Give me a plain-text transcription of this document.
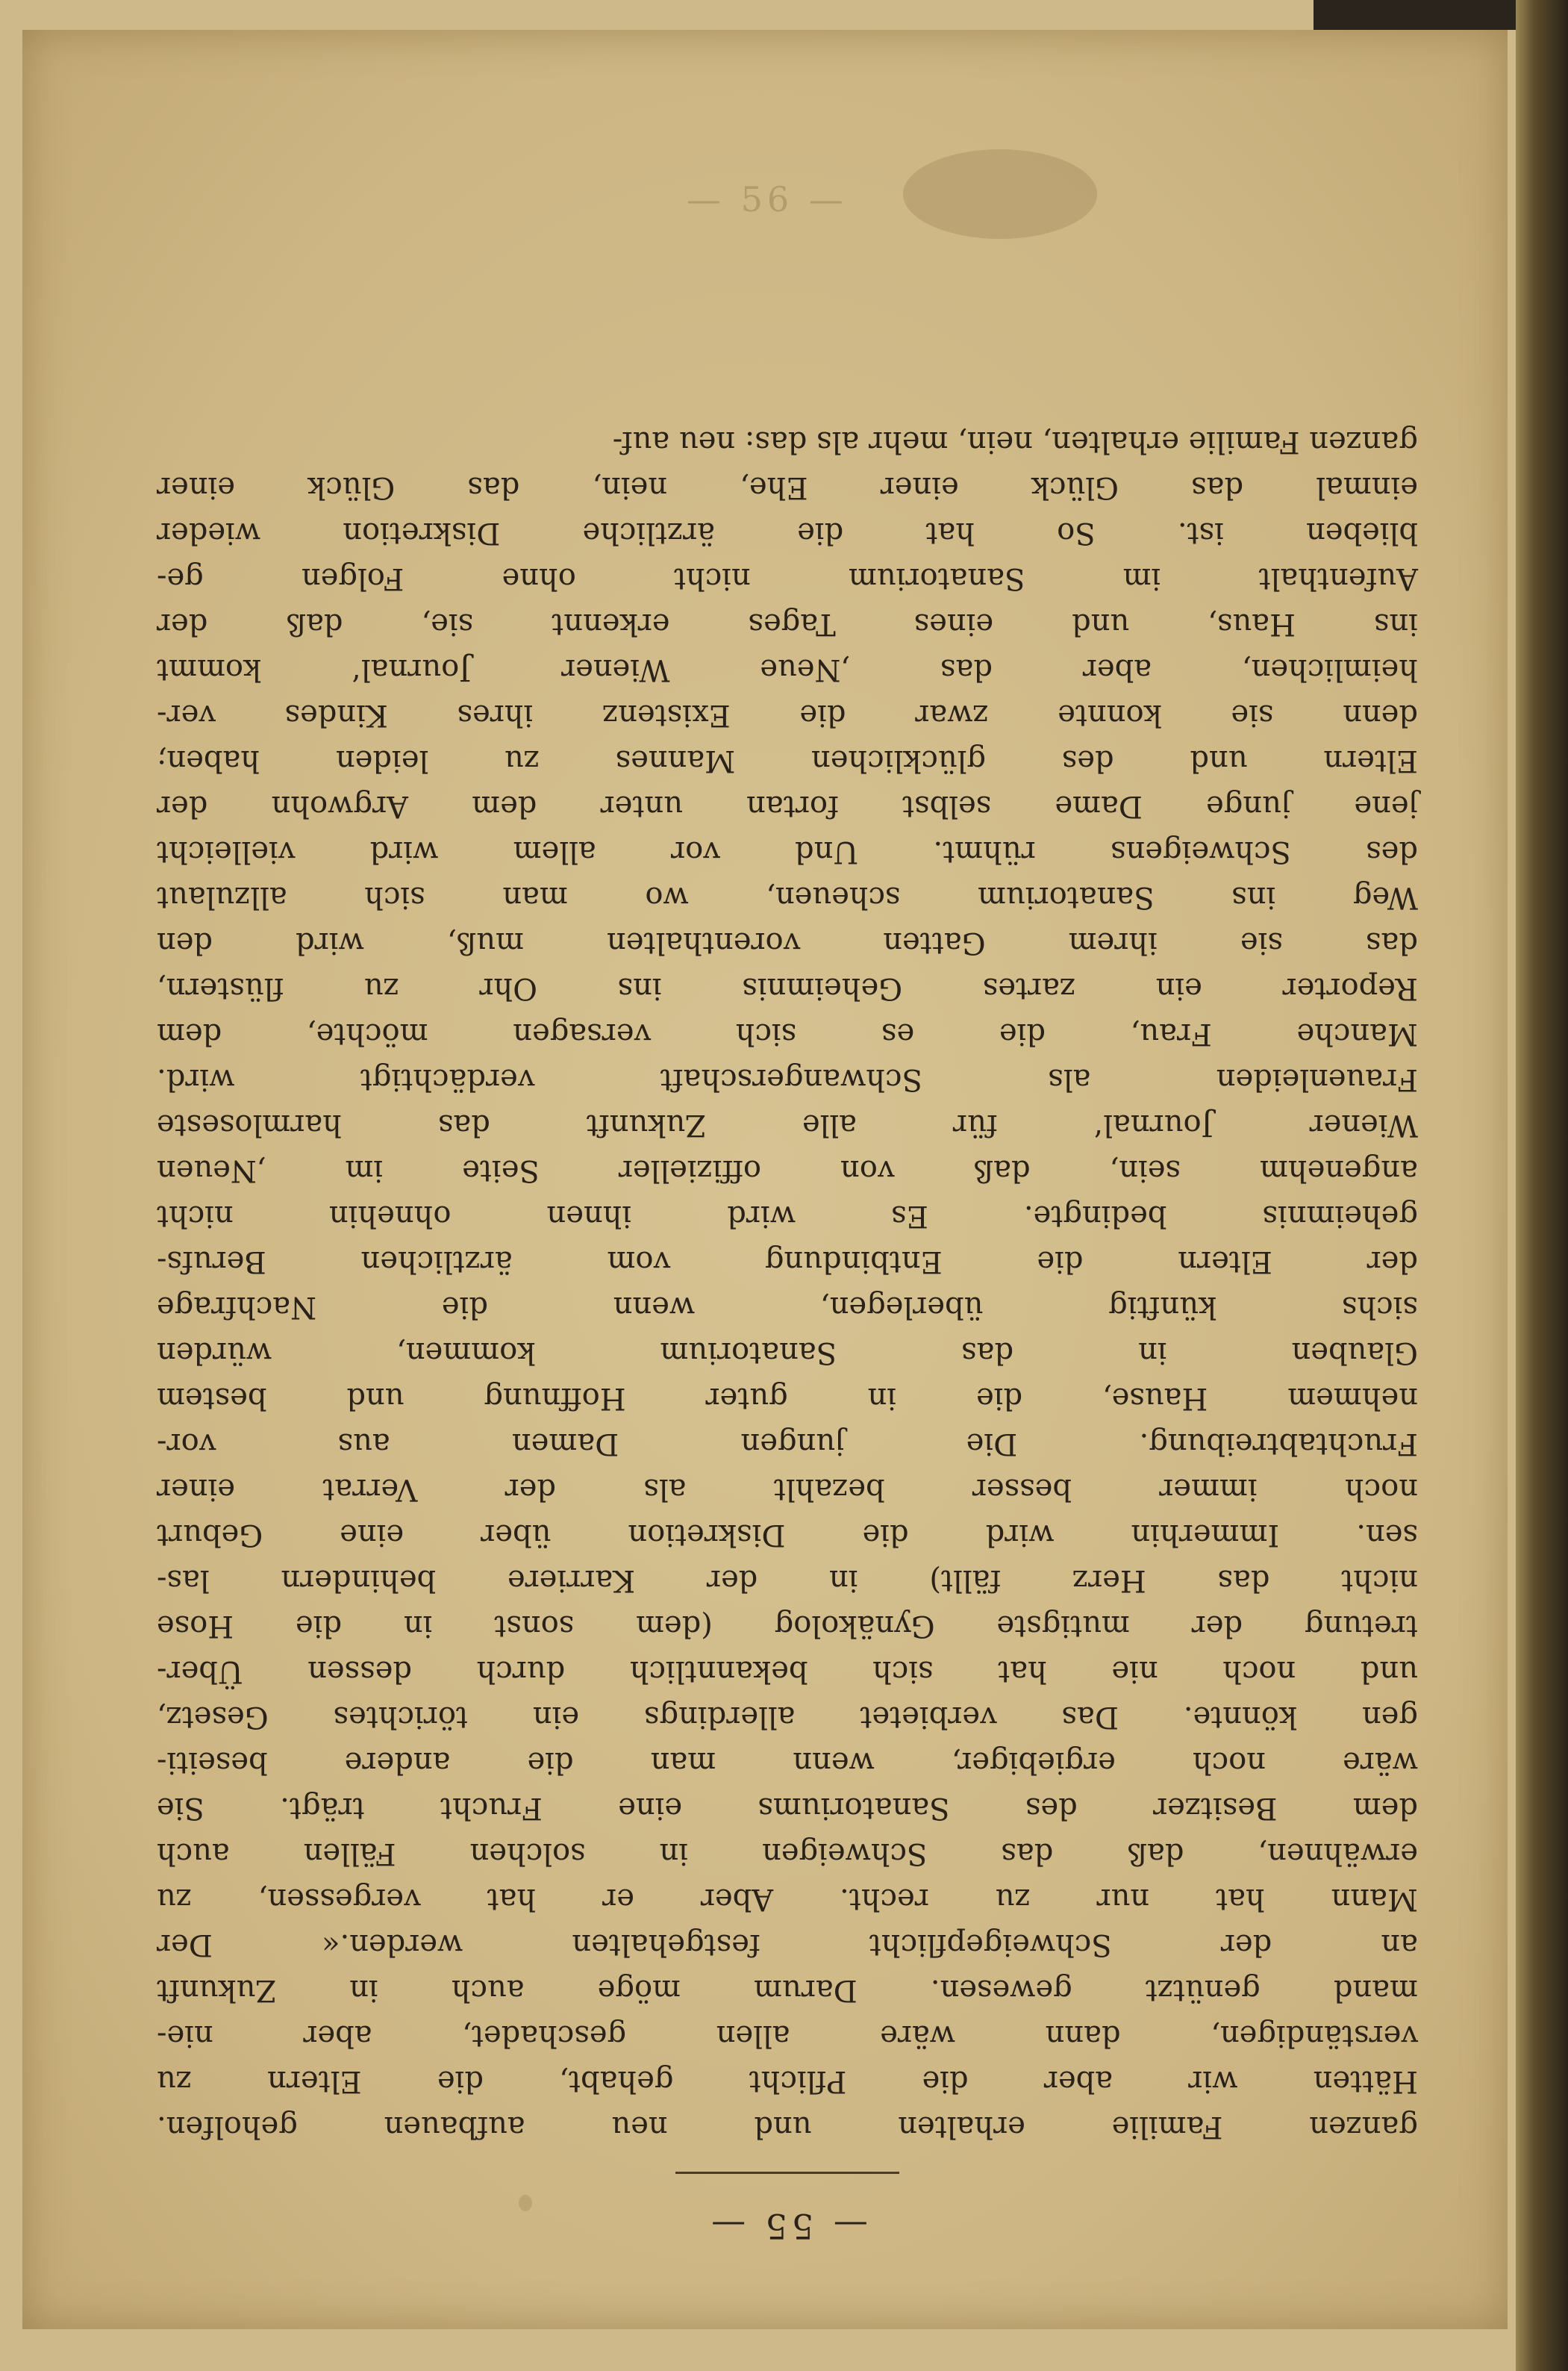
— 56 —
— 55 —
ganzen Familie erhalten und neu aufbauen geholfen.
Hätten wir aber die Pflicht gehabt, die Eltern zu
verständigen, dann wäre allen geschadet, aber nie-
mand genützt gewesen. Darum möge auch in Zukunft
an der Schweigepflicht festgehalten werden.« Der
Mann hat nur zu recht. Aber er hat vergessen, zu
erwähnen, daß das Schweigen in solchen Fällen auch
dem Besitzer des Sanatoriums eine Frucht trägt. Sie
wäre noch ergiebiger, wenn man die andere beseiti-
gen könnte. Das verbietet allerdings ein törichtes Gesetz,
und noch nie hat sich bekanntlich durch dessen Über-
tretung der mutigste Gynäkolog (dem sonst in die Hose
nicht das Herz fällt) in der Karriere behindern las-
sen. Immerhin wird die Diskretion über eine Geburt
noch immer besser bezahlt als der Verrat einer
Fruchtabtreibung. Die jungen Damen aus vor-
nehmem Hause, die in guter Hoffnung und bestem
Glauben in das Sanatorium kommen, würden
sichs künftig überlegen, wenn die Nachfrage
der Eltern die Entbindung vom ärztlichen Berufs-
geheimnis bedingte. Es wird ihnen ohnehin nicht
angenehm sein, daß von offizieller Seite im ‚Neuen
Wiener Journal‘ für alle Zukunft das harmloseste
Frauenleiden als Schwangerschaft verdächtigt wird.
Manche Frau, die es sich versagen möchte, dem
Reporter ein zartes Geheimnis ins Ohr zu flüstern,
das sie ihrem Gatten vorenthalten muß, wird den
Weg ins Sanatorium scheuen, wo man sich allzulaut
des Schweigens rühmt. Und vor allem wird vielleicht
jene junge Dame selbst fortan unter dem Argwohn der
Eltern und des glücklichen Mannes zu leiden haben;
denn sie konnte zwar die Existenz ihres Kindes ver-
heimlichen, aber das ‚Neue Wiener Journal‘ kommt
ins Haus, und eines Tages erkennt sie, daß der
Aufenthalt im Sanatorium nicht ohne Folgen ge-
blieben ist. So hat die ärztliche Diskretion wieder
einmal das Glück einer Ehe, nein, das Glück einer
ganzen Familie erhalten, nein, mehr als das: neu auf-
